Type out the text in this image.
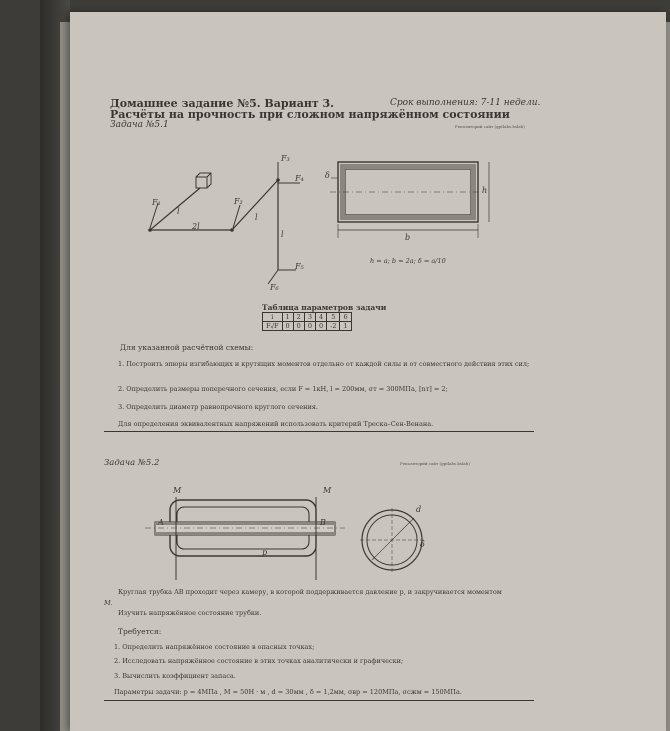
Домашнее задание №5. Вариант 3.	Срок выполнения: 7-11 недели.
Расчёты на прочность при сложном напряжённом состоянии
Задача №5.1	Репозиторий сайт (gptlabs.bslab)
F₁
l
2l
F₂
l
F₃
F₄
l
F₅
F₆
δ
h
b
h = a; b = 2a; δ = a/10
Таблица параметров задачи
i	1	2	3	4	5	6
Fᵢ/F	0	0	0	0	-2	1
Для указанной расчётной схемы:
1. Построить эпюры изгибающих и крутящих моментов отдельно от каждой силы и от совместного действия этих сил;
2. Определить размеры поперечного сечения, если F = 1кН, l = 200мм, σт = 300МПа, [nт] = 2;
3. Определить диаметр равнопрочного круглого сечения.
Для определения эквивалентных напряжений использовать критерий Треска–Сен-Венана.
Задача №5.2	Репозиторий сайт (gptlabs.bslab)
M	M
A	B
p
d
δ
Круглая трубка AB проходит через камеру, в которой поддерживается давление p, и закручивается моментом
M.
Изучить напряжённое состояние трубки.
Требуется:
1. Определить напряжённое состояние в опасных точках;
2. Исследовать напряжённое состояние в этих точках аналитически и графически;
3. Вычислить коэффициент запаса.
Параметры задачи: p = 4МПа , M = 50Н · м , d = 30мм , δ = 1,2мм, σвр = 120МПа, σсжм = 150МПа.
